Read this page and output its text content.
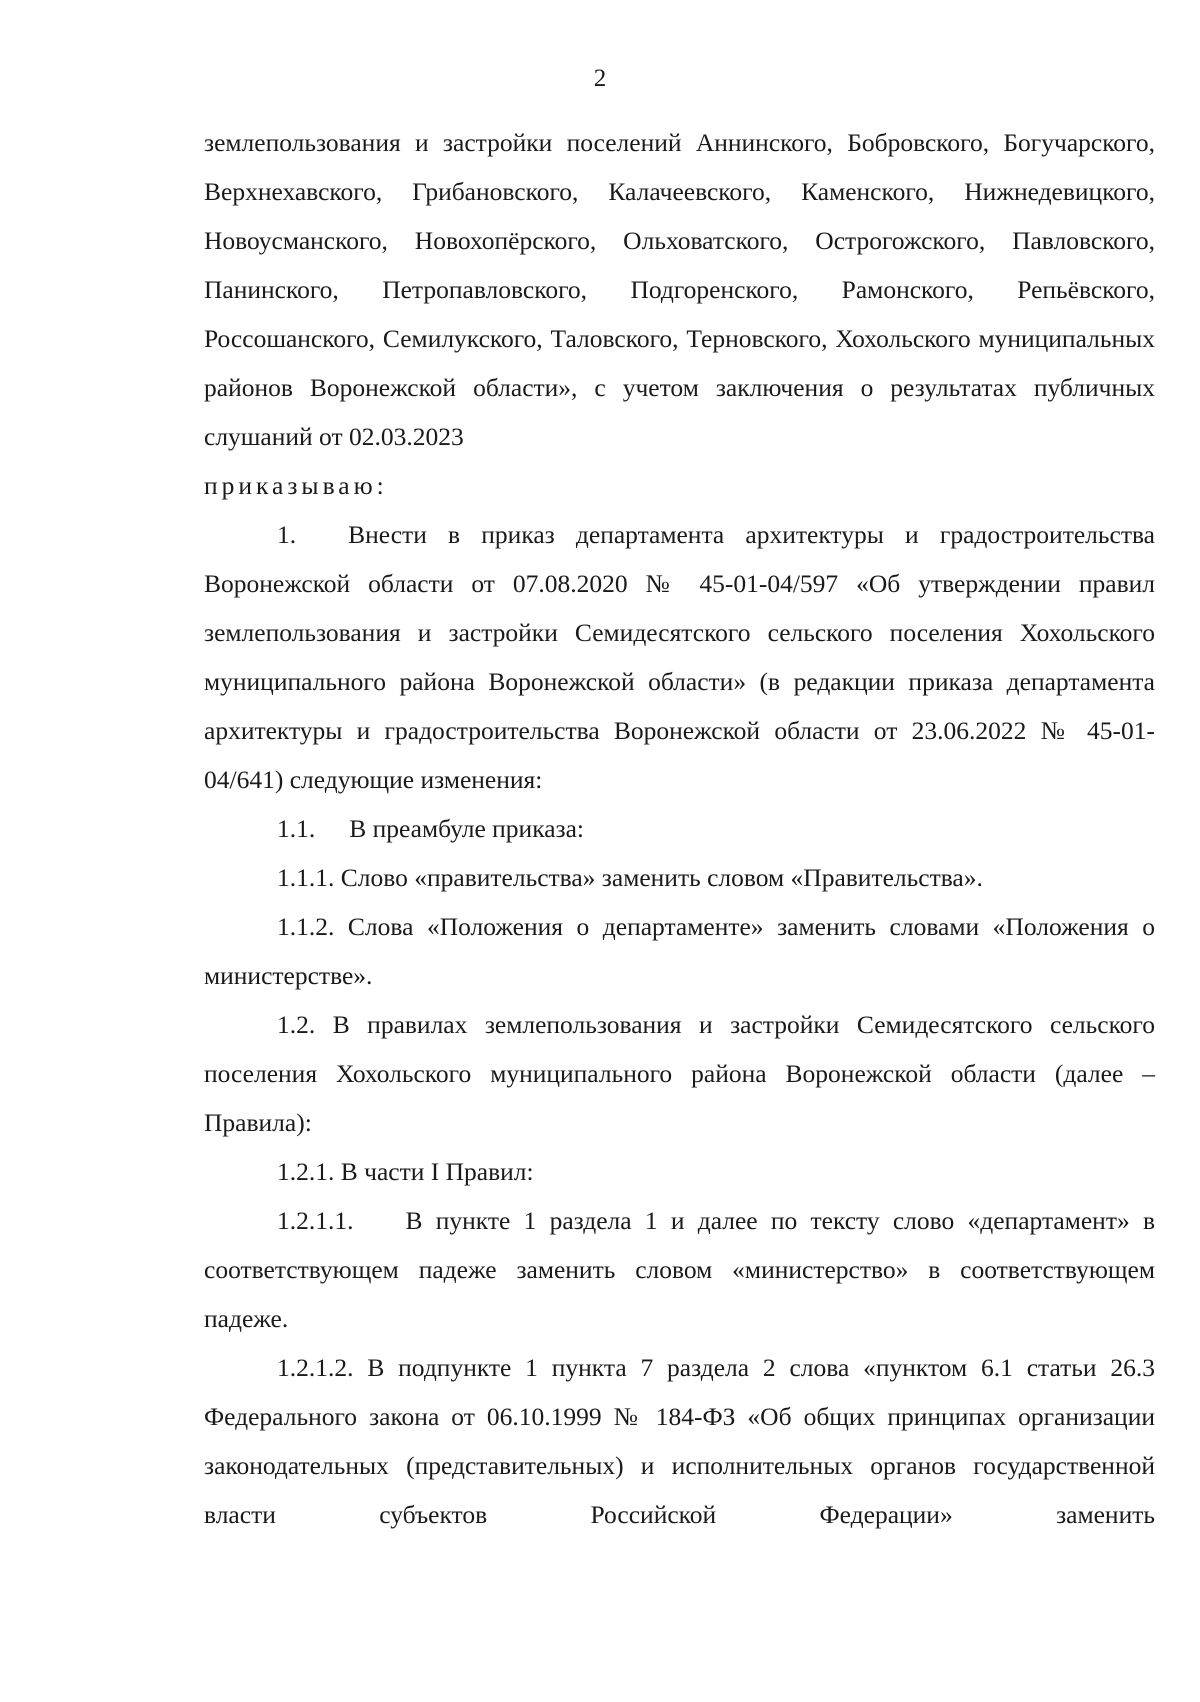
2

землепользования и застройки поселений Аннинского, Бобровского, Богучарского, Верхнехавского, Грибановского, Калачеевского, Каменского, Нижнедевицкого, Новоусманского, Новохопёрского, Ольховатского, Острогожского, Павловского, Панинского, Петропавловского, Подгоренского, Рамонского, Репьёвского, Россошанского, Семилукского, Таловского, Терновского, Хохольского муниципальных районов Воронежской области», с учетом заключения о результатах публичных слушаний от 02.03.2023

приказываю:

1. Внести в приказ департамента архитектуры и градостроительства Воронежской области от 07.08.2020 № 45-01-04/597 «Об утверждении правил землепользования и застройки Семидесятского сельского поселения Хохольского муниципального района Воронежской области» (в редакции приказа департамента архитектуры и градостроительства Воронежской области от 23.06.2022 № 45-01-04/641) следующие изменения:

1.1. В преамбуле приказа:

1.1.1. Слово «правительства» заменить словом «Правительства».

1.1.2. Слова «Положения о департаменте» заменить словами «Положения о министерстве».

1.2. В правилах землепользования и застройки Семидесятского сельского поселения Хохольского муниципального района Воронежской области (далее – Правила):

1.2.1. В части I Правил:

1.2.1.1. В пункте 1 раздела 1 и далее по тексту слово «департамент» в соответствующем падеже заменить словом «министерство» в соответствующем падеже.

1.2.1.2. В подпункте 1 пункта 7 раздела 2 слова «пунктом 6.1 статьи 26.3 Федерального закона от 06.10.1999 № 184-ФЗ «Об общих принципах организации законодательных (представительных) и исполнительных органов государственной власти субъектов Российской Федерации» заменить
